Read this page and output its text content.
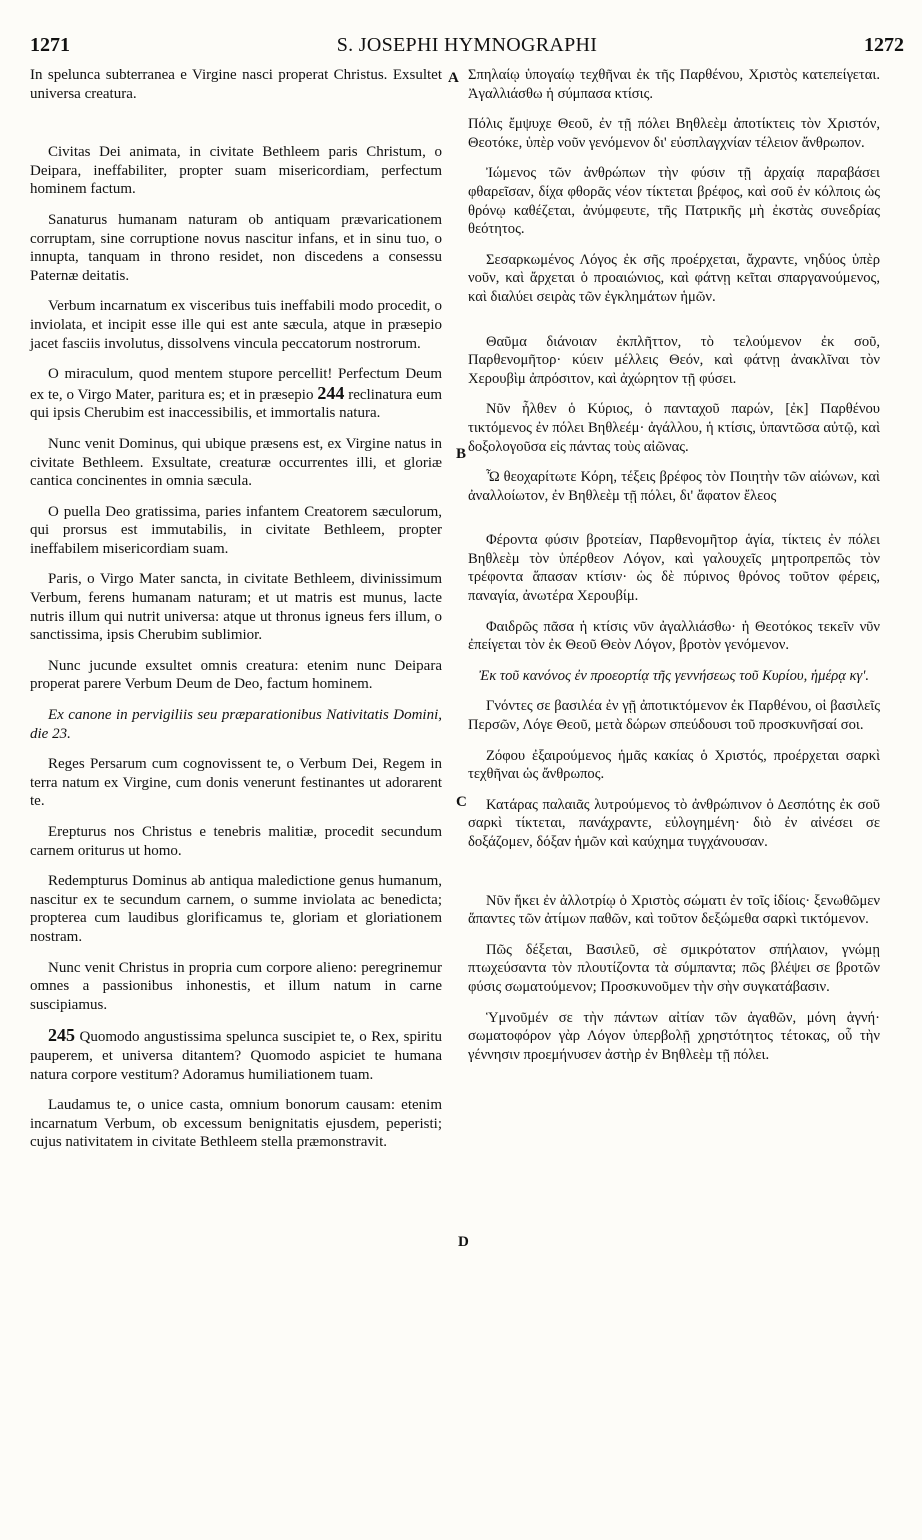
1271	S. JOSEPHI HYMNOGRAPHI	1272
A
B
C
D

In spelunca subterranea e Virgine nasci properat Christus. Exsultet universa creatura.

Civitas Dei animata, in civitate Bethleem paris Christum, o Deipara, ineffabiliter, propter suam misericordiam, perfectum hominem factum.

Sanaturus humanam naturam ob antiquam prævaricationem corruptam, sine corruptione novus nascitur infans, et in sinu tuo, o innupta, tanquam in throno residet, non discedens a consessu Paternæ deitatis.

Verbum incarnatum ex visceribus tuis ineffabili modo procedit, o inviolata, et incipit esse ille qui est ante sæcula, atque in præsepio jacet fasciis involutus, dissolvens vincula peccatorum nostrorum.

O miraculum, quod mentem stupore percellit! Perfectum Deum ex te, o Virgo Mater, paritura es; et in præsepio 244 reclinatura eum qui ipsis Cherubim est inaccessibilis, et immortalis natura.

Nunc venit Dominus, qui ubique præsens est, ex Virgine natus in civitate Bethleem. Exsultate, creaturæ occurrentes illi, et gloriæ cantica concinentes in omnia sæcula.

O puella Deo gratissima, paries infantem Creatorem sæculorum, qui prorsus est immutabilis, in civitate Bethleem, propter ineffabilem misericordiam suam.

Paris, o Virgo Mater sancta, in civitate Bethleem, divinissimum Verbum, ferens humanam naturam; et ut matris est munus, lacte nutris illum qui nutrit universa: atque ut thronus igneus fers illum, o sanctissima, ipsis Cherubim sublimior.

Nunc jucunde exsultet omnis creatura: etenim nunc Deipara properat parere Verbum Deum de Deo, factum hominem.

Ex canone in pervigiliis seu præparationibus Nativitatis Domini, die 23.

Reges Persarum cum cognovissent te, o Verbum Dei, Regem in terra natum ex Virgine, cum donis venerunt festinantes ut adorarent te.

Erepturus nos Christus e tenebris malitiæ, procedit secundum carnem oriturus ut homo.

Redempturus Dominus ab antiqua maledictione genus humanum, nascitur ex te secundum carnem, o summe inviolata ac benedicta; propterea cum laudibus glorificamus te, gloriam et gloriationem nostram.

Nunc venit Christus in propria cum corpore alieno: peregrinemur omnes a passionibus inhonestis, et illum natum in carne suscipiamus.

245 Quomodo angustissima spelunca suscipiet te, o Rex, spiritu pauperem, et universa ditantem? Quomodo aspiciet te humana natura corpore vestitum? Adoramus humiliationem tuam.

Laudamus te, o unice casta, omnium bonorum causam: etenim incarnatum Verbum, ob excessum benignitatis ejusdem, peperisti; cujus nativitatem in civitate Bethleem stella præmonstravit.

Σπηλαίῳ ὑπογαίῳ τεχθῆναι ἐκ τῆς Παρθένου, Χριστὸς κατεπείγεται. Ἀγαλλιάσθω ἡ σύμπασα κτίσις.

Πόλις ἔμψυχε Θεοῦ, ἐν τῇ πόλει Βηθλεὲμ ἀποτίκτεις τὸν Χριστόν, Θεοτόκε, ὑπὲρ νοῦν γενόμενον δι' εὐσπλαγχνίαν τέλειον ἄνθρωπον.

Ἰώμενος τῶν ἀνθρώπων τὴν φύσιν τῇ ἀρχαίᾳ παραβάσει φθαρεῖσαν, δίχα φθορᾶς νέον τίκτεται βρέφος, καὶ σοῦ ἐν κόλποις ὡς θρόνῳ καθέζεται, ἀνύμφευτε, τῆς Πατρικῆς μὴ ἐκστὰς συνεδρίας θεότητος.

Σεσαρκωμένος Λόγος ἐκ σῆς προέρχεται, ἄχραντε, νηδύος ὑπὲρ νοῦν, καὶ ἄρχεται ὁ προαιώνιος, καὶ φάτνῃ κεῖται σπαργανούμενος, καὶ διαλύει σειρὰς τῶν ἐγκλημάτων ἡμῶν.

Θαῦμα διάνοιαν ἐκπλῆττον, τὸ τελούμενον ἐκ σοῦ, Παρθενομῆτορ· κύειν μέλλεις Θεόν, καὶ φάτνῃ ἀνακλῖναι τὸν Χερουβὶμ ἀπρόσιτον, καὶ ἀχώρητον τῇ φύσει.

Νῦν ἦλθεν ὁ Κύριος, ὁ πανταχοῦ παρών, [ἐκ] Παρθένου τικτόμενος ἐν πόλει Βηθλεέμ· ἀγάλλου, ἡ κτίσις, ὑπαντῶσα αὐτῷ, καὶ δοξολογοῦσα εἰς πάντας τοὺς αἰῶνας.

Ὦ θεοχαρίτωτε Κόρη, τέξεις βρέφος τὸν Ποιητὴν τῶν αἰώνων, καὶ ἀναλλοίωτον, ἐν Βηθλεὲμ τῇ πόλει, δι' ἄφατον ἔλεος

Φέροντα φύσιν βροτείαν, Παρθενομῆτορ ἁγία, τίκτεις ἐν πόλει Βηθλεὲμ τὸν ὑπέρθεον Λόγον, καὶ γαλουχεῖς μητροπρεπῶς τὸν τρέφοντα ἅπασαν κτίσιν· ὡς δὲ πύρινος θρόνος τοῦτον φέρεις, παναγία, ἀνωτέρα Χερουβίμ.

Φαιδρῶς πᾶσα ἡ κτίσις νῦν ἀγαλλιάσθω· ἡ Θεοτόκος τεκεῖν νῦν ἐπείγεται τὸν ἐκ Θεοῦ Θεὸν Λόγον, βροτὸν γενόμενον.

Ἐκ τοῦ κανόνος ἐν προεορτίᾳ τῆς γεννήσεως τοῦ Κυρίου, ἡμέρᾳ κγ'.

Γνόντες σε βασιλέα ἐν γῇ ἀποτικτόμενον ἐκ Παρθένου, οἱ βασιλεῖς Περσῶν, Λόγε Θεοῦ, μετὰ δώρων σπεύδουσι τοῦ προσκυνῆσαί σοι.

Ζόφου ἐξαιρούμενος ἡμᾶς κακίας ὁ Χριστός, προέρχεται σαρκὶ τεχθῆναι ὡς ἄνθρωπος.

Κατάρας παλαιᾶς λυτρούμενος τὸ ἀνθρώπινον ὁ Δεσπότης ἐκ σοῦ σαρκὶ τίκτεται, πανάχραντε, εὐλογημένη· διὸ ἐν αἰνέσει σε δοξάζομεν, δόξαν ἡμῶν καὶ καύχημα τυγχάνουσαν.

Νῦν ἥκει ἐν ἀλλοτρίῳ ὁ Χριστὸς σώματι ἐν τοῖς ἰδίοις· ξενωθῶμεν ἅπαντες τῶν ἀτίμων παθῶν, καὶ τοῦτον δεξώμεθα σαρκὶ τικτόμενον.

Πῶς δέξεται, Βασιλεῦ, σὲ σμικρότατον σπήλαιον, γνώμῃ πτωχεύσαντα τὸν πλουτίζοντα τὰ σύμπαντα; πῶς βλέψει σε βροτῶν φύσις σωματούμενον; Προσκυνοῦμεν τὴν σὴν συγκατάβασιν.

Ὑμνοῦμέν σε τὴν πάντων αἰτίαν τῶν ἀγαθῶν, μόνη ἁγνή· σωματοφόρον γὰρ Λόγον ὑπερβολῇ χρηστότητος τέτοκας, οὗ τὴν γέννησιν προεμήνυσεν ἀστὴρ ἐν Βηθλεὲμ τῇ πόλει.
